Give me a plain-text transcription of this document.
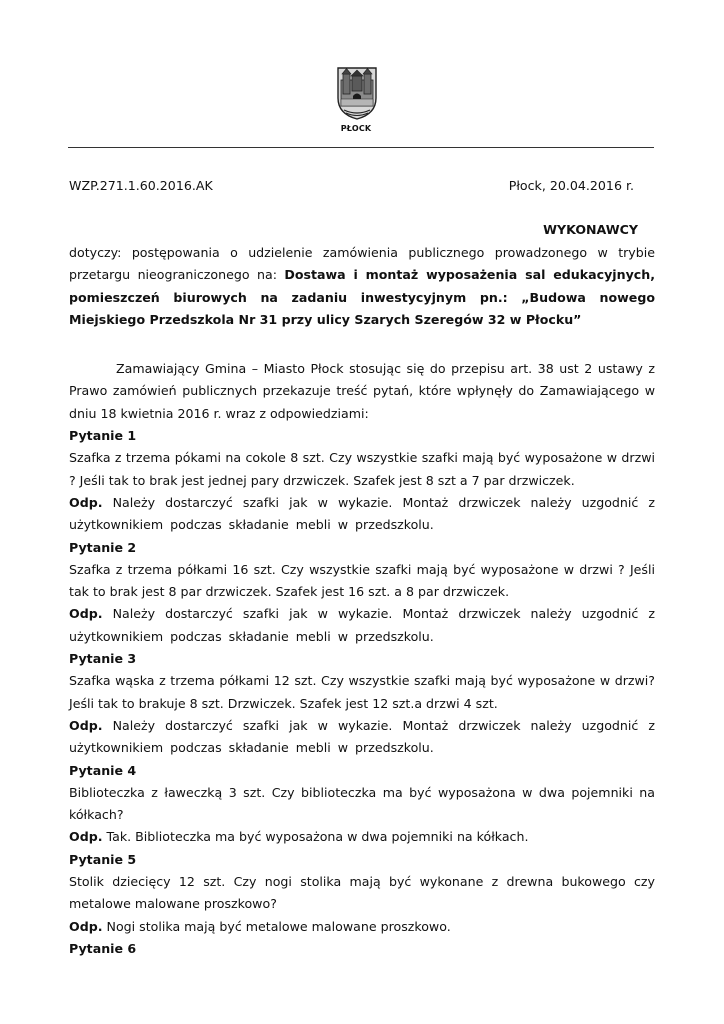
PŁOCK
WZP.271.1.60.2016.AK	Płock, 20.04.2016 r.
WYKONAWCY

dotyczy: postępowania o udzielenie zamówienia publicznego prowadzonego w trybie przetargu nieograniczonego na: Dostawa i montaż wyposażenia sal edukacyjnych, pomieszczeń biurowych na zadaniu inwestycyjnym pn.: „Budowa nowego Miejskiego Przedszkola Nr 31 przy ulicy Szarych Szeregów 32 w Płocku”

Zamawiający Gmina – Miasto Płock stosując się do przepisu art. 38 ust 2 ustawy z Prawo zamówień publicznych przekazuje treść pytań, które wpłynęły do Zamawiającego w dniu 18 kwietnia 2016 r. wraz z odpowiedziami:

Pytanie 1

Szafka z trzema pókami na cokole 8 szt. Czy wszystkie szafki mają być wyposażone w drzwi ? Jeśli tak to brak jest jednej pary drzwiczek. Szafek jest 8 szt a 7 par drzwiczek.

Odp. Należy dostarczyć szafki jak w wykazie. Montaż drzwiczek należy uzgodnić z użytkownikiem podczas składanie mebli w przedszkolu.

Pytanie 2

Szafka z trzema półkami 16 szt. Czy wszystkie szafki mają być wyposażone w drzwi ? Jeśli tak to brak jest 8 par drzwiczek. Szafek jest 16 szt. a 8 par drzwiczek.

Odp. Należy dostarczyć szafki jak w wykazie. Montaż drzwiczek należy uzgodnić z użytkownikiem podczas składanie mebli w przedszkolu.

Pytanie 3

Szafka wąska z trzema półkami 12 szt. Czy wszystkie szafki mają być wyposażone w drzwi? Jeśli tak to brakuje 8 szt. Drzwiczek. Szafek jest 12 szt.a drzwi 4 szt.

Odp. Należy dostarczyć szafki jak w wykazie. Montaż drzwiczek należy uzgodnić z użytkownikiem podczas składanie mebli w przedszkolu.

Pytanie 4

Biblioteczka z ławeczką 3 szt. Czy biblioteczka ma być wyposażona w dwa pojemniki na kółkach?

Odp. Tak. Biblioteczka ma być wyposażona w dwa pojemniki na kółkach.

Pytanie 5

Stolik dziecięcy 12 szt. Czy nogi stolika mają być wykonane z drewna bukowego czy metalowe malowane proszkowo?

Odp. Nogi stolika mają być metalowe malowane proszkowo.

Pytanie 6
